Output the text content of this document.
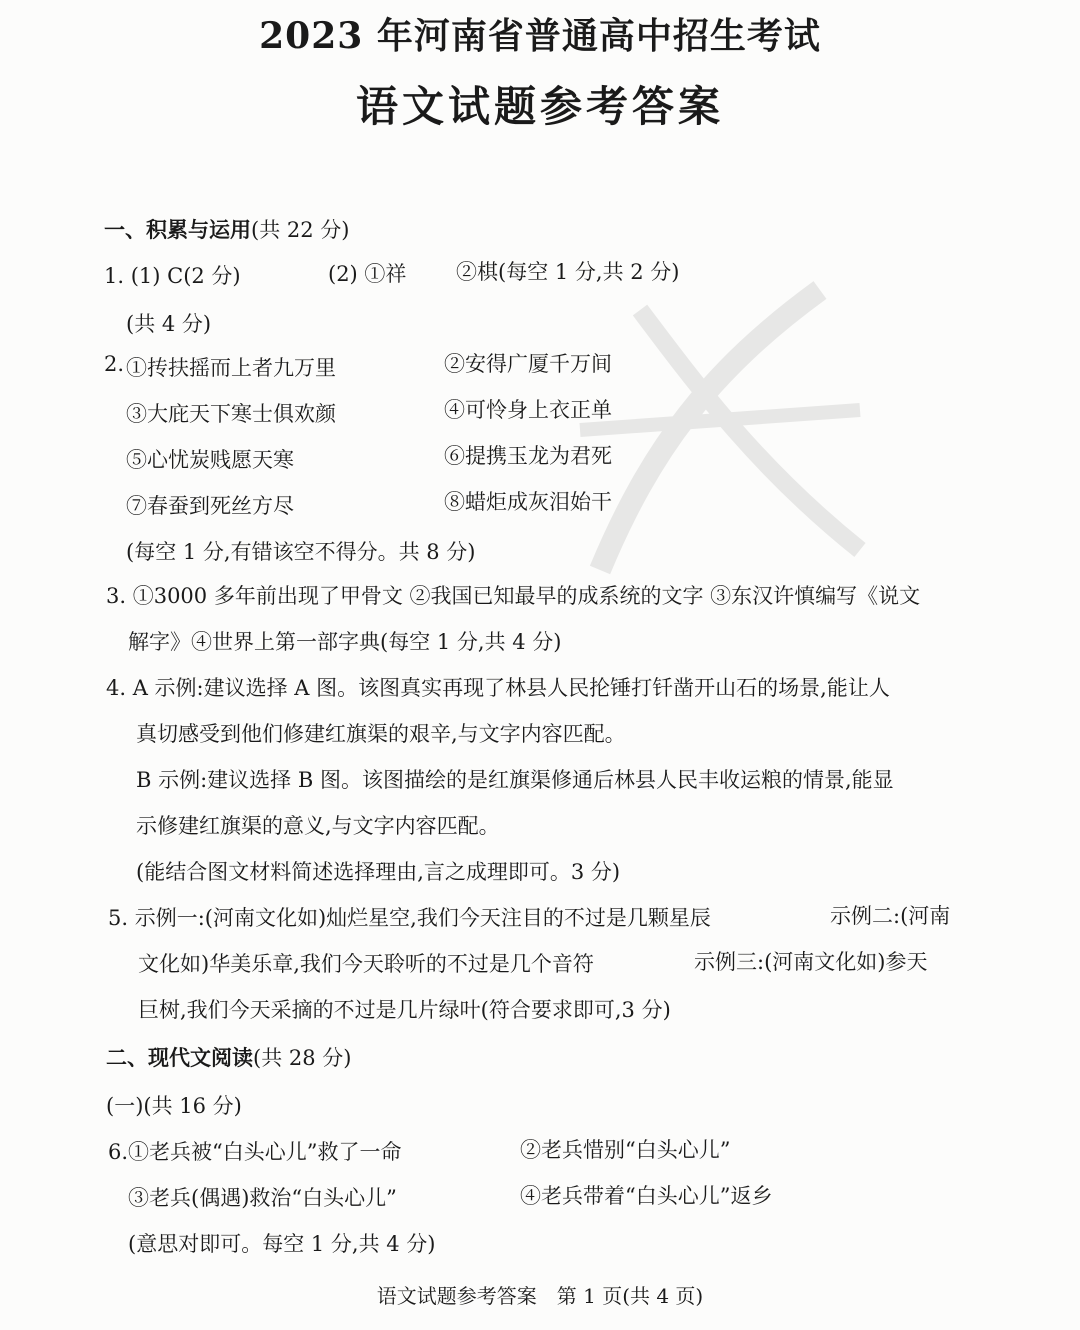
2023 年河南省普通高中招生考试
语文试题参考答案
一、积累与运用(共 22 分)
1. (1) C(2 分)	(2) ①祥 ②棋(每空 1 分,共 2 分)
(共 4 分)
2. ①抟扶摇而上者九万里	②安得广厦千万间
③大庇天下寒士俱欢颜	④可怜身上衣正单
⑤心忧炭贱愿天寒	⑥提携玉龙为君死
⑦春蚕到死丝方尽	⑧蜡炬成灰泪始干
(每空 1 分,有错该空不得分。共 8 分)
3. ①3000 多年前出现了甲骨文 ②我国已知最早的成系统的文字 ③东汉许慎编写《说文
解字》④世界上第一部字典(每空 1 分,共 4 分)
4. A 示例:建议选择 A 图。该图真实再现了林县人民抡锤打钎凿开山石的场景,能让人
真切感受到他们修建红旗渠的艰辛,与文字内容匹配。
B 示例:建议选择 B 图。该图描绘的是红旗渠修通后林县人民丰收运粮的情景,能显
示修建红旗渠的意义,与文字内容匹配。
(能结合图文材料简述选择理由,言之成理即可。3 分)
5. 示例一:(河南文化如)灿烂星空,我们今天注目的不过是几颗星辰	示例二:(河南
文化如)华美乐章,我们今天聆听的不过是几个音符	示例三:(河南文化如)参天
巨树,我们今天采摘的不过是几片绿叶(符合要求即可,3 分)
二、现代文阅读(共 28 分)
(一)(共 16 分)
6.①老兵被“白头心儿”救了一命	②老兵惜别“白头心儿”
③老兵(偶遇)救治“白头心儿”	④老兵带着“白头心儿”返乡
(意思对即可。每空 1 分,共 4 分)
语文试题参考答案　第 1 页(共 4 页)
